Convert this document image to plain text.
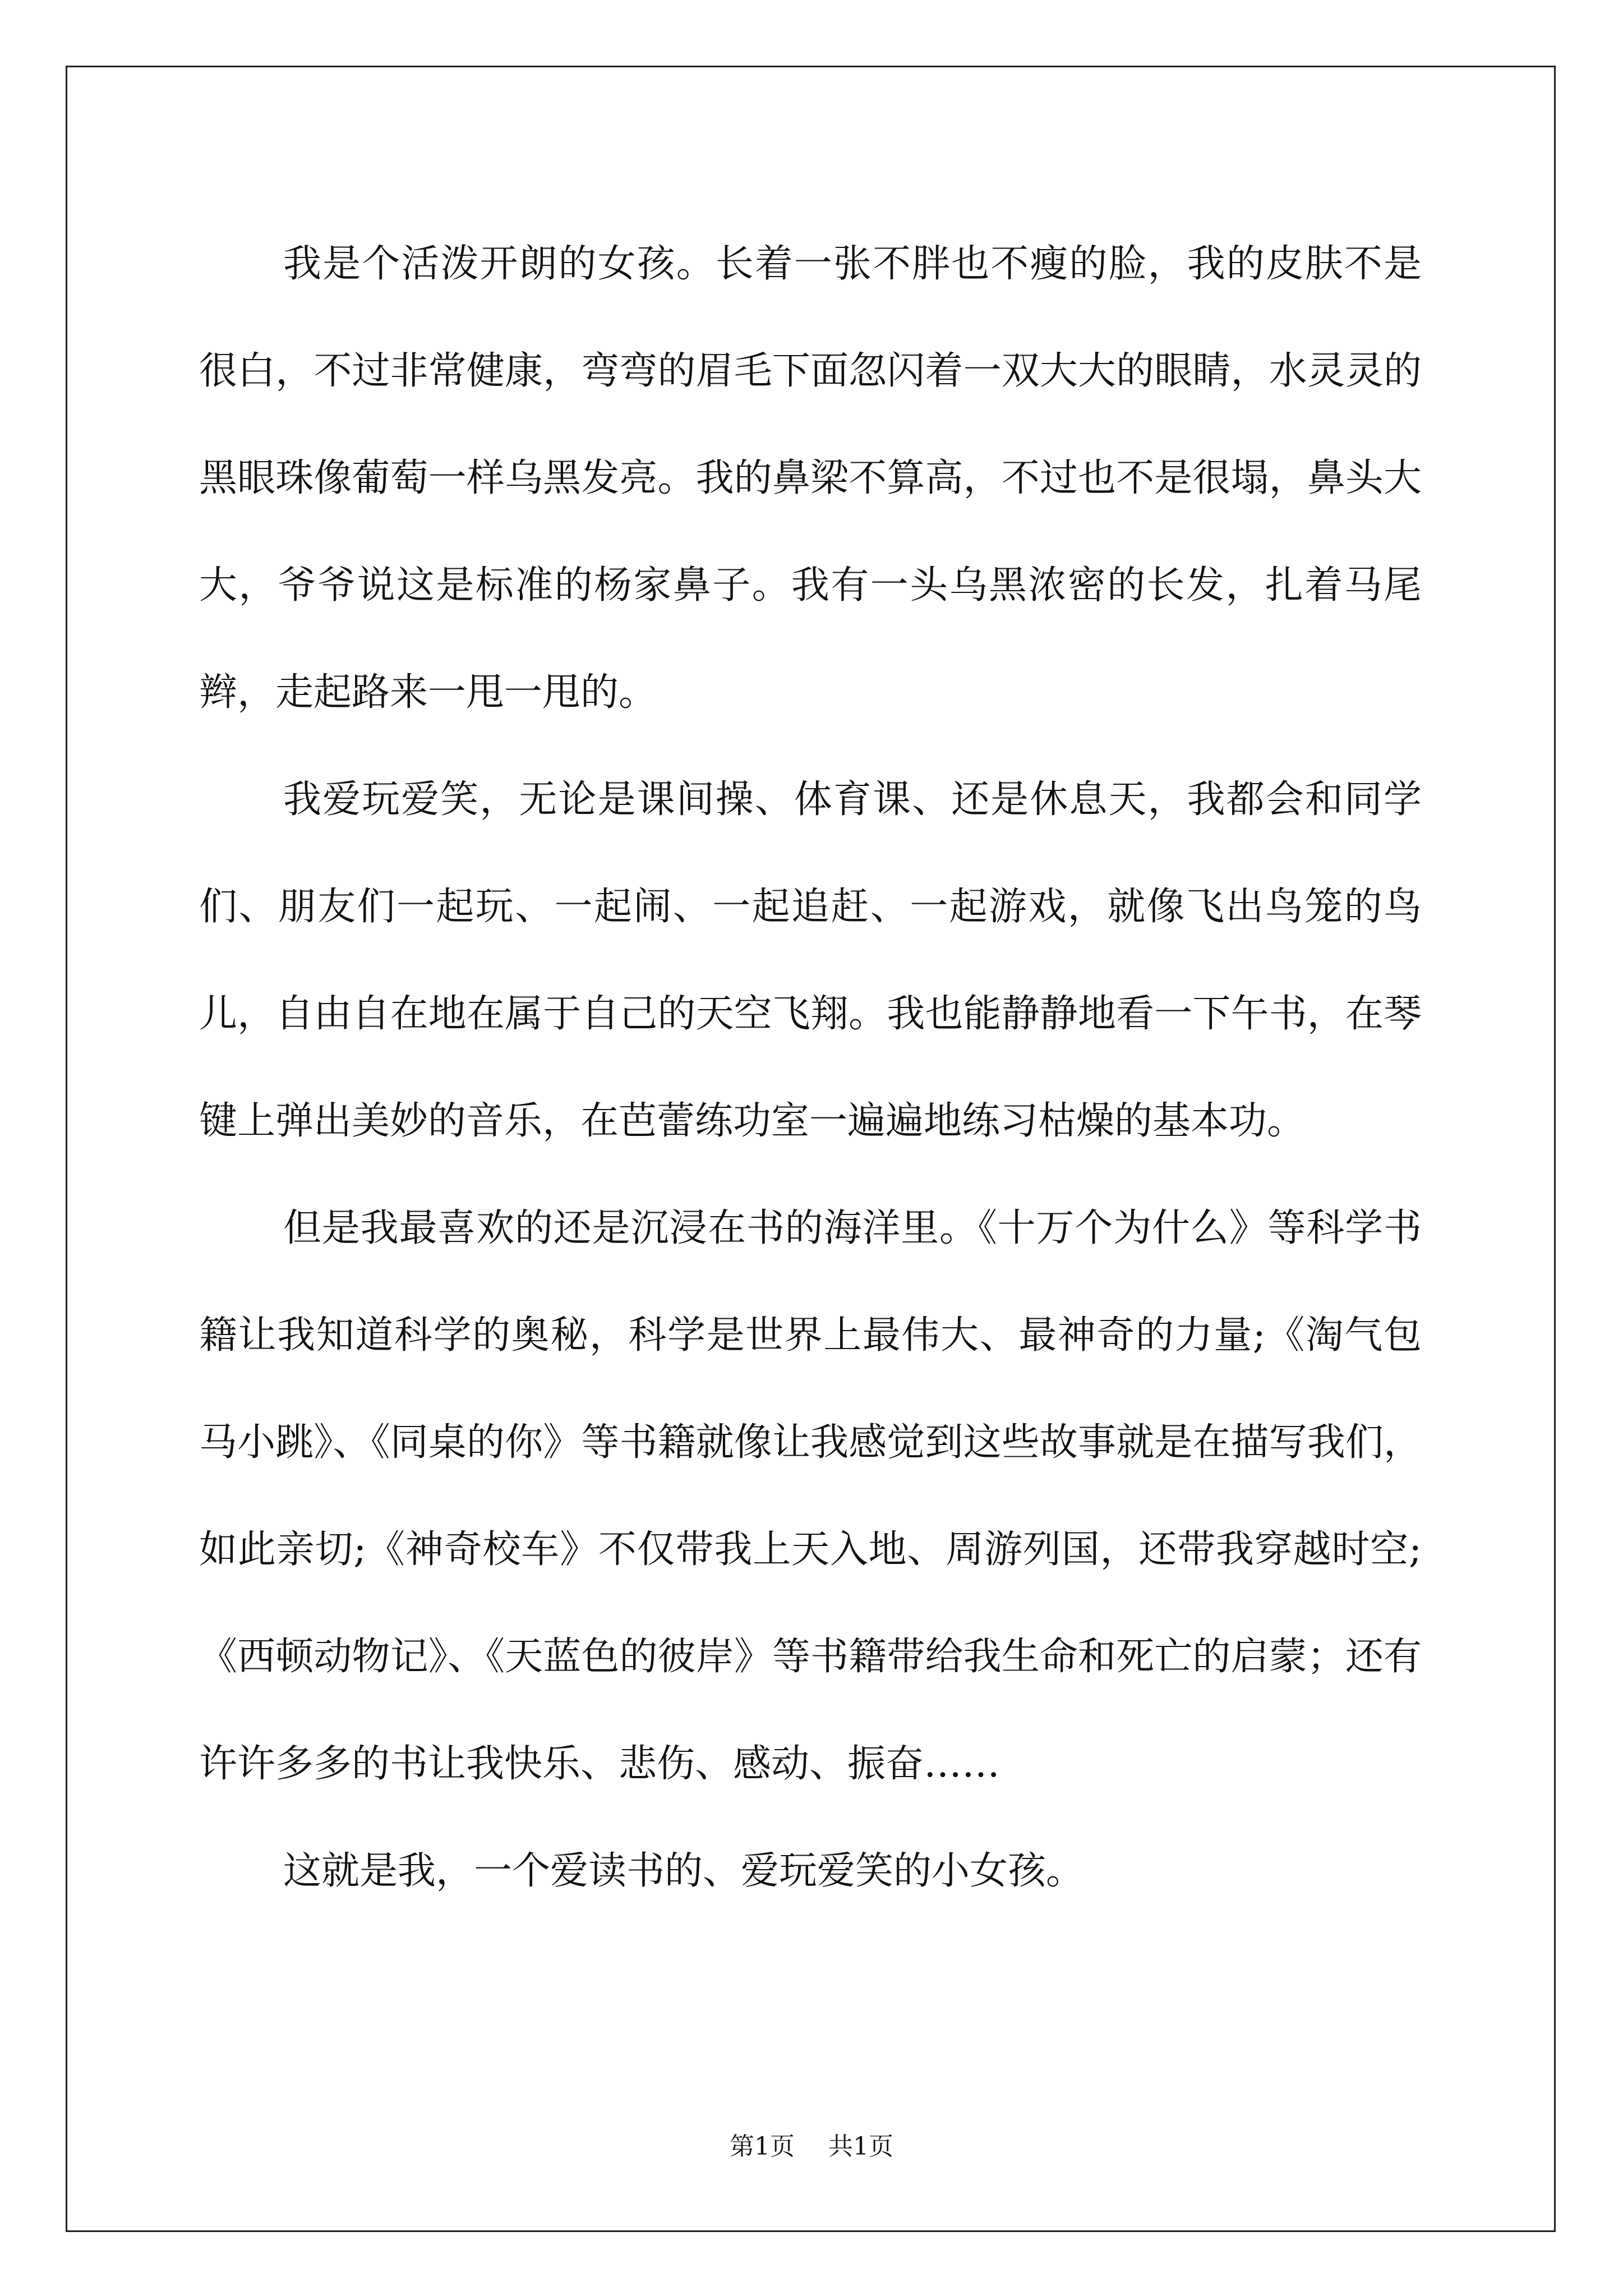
我是个活泼开朗的女孩。长着一张不胖也不瘦的脸，我的皮肤不是很白，不过非常健康，弯弯的眉毛下面忽闪着一双大大的眼睛，水灵灵的黑眼珠像葡萄一样乌黑发亮。我的鼻梁不算高，不过也不是很塌，鼻头大大，爷爷说这是标准的杨家鼻子。我有一头乌黑浓密的长发，扎着马尾辫，走起路来一甩一甩的。

我爱玩爱笑，无论是课间操、体育课、还是休息天，我都会和同学们、朋友们一起玩、一起闹、一起追赶、一起游戏，就像飞出鸟笼的鸟儿，自由自在地在属于自己的天空飞翔。我也能静静地看一下午书，在琴键上弹出美妙的音乐，在芭蕾练功室一遍遍地练习枯燥的基本功。

但是我最喜欢的还是沉浸在书的海洋里。《十万个为什么》等科学书籍让我知道科学的奥秘，科学是世界上最伟大、最神奇的力量;《淘气包马小跳》、《同桌的你》等书籍就像让我感觉到这些故事就是在描写我们，如此亲切;《神奇校车》不仅带我上天入地、周游列国，还带我穿越时空;《西顿动物记》、《天蓝色的彼岸》等书籍带给我生命和死亡的启蒙；还有许许多多的书让我快乐、悲伤、感动、振奋……

这就是我，一个爱读书的、爱玩爱笑的小女孩。

第1页 共1页
